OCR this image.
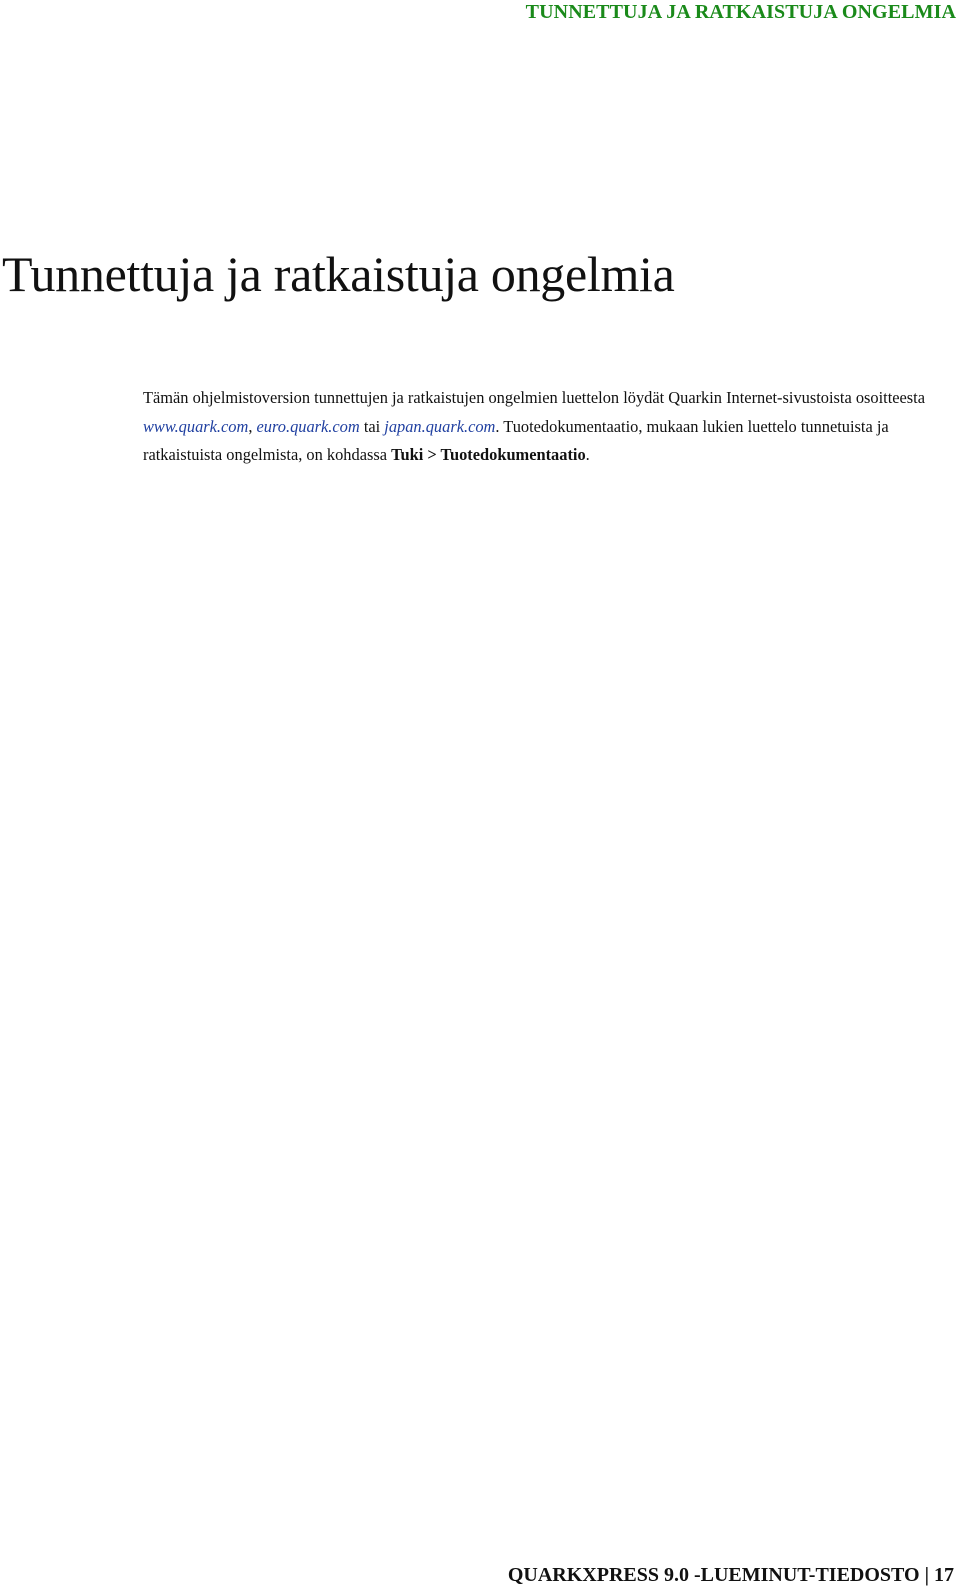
TUNNETTUJA JA RATKAISTUJA ONGELMIA
Tunnettuja ja ratkaistuja ongelmia

Tämän ohjelmistoversion tunnettujen ja ratkaistujen ongelmien luettelon löydät Quarkin Internet-sivustoista osoitteesta www.quark.com, euro.quark.com tai japan.quark.com. Tuotedokumentaatio, mukaan lukien luettelo tunnetuista ja ratkaistuista ongelmista, on kohdassa Tuki > Tuotedokumentaatio.

QUARKXPRESS 9.0 -LUEMINUT-TIEDOSTO | 17
